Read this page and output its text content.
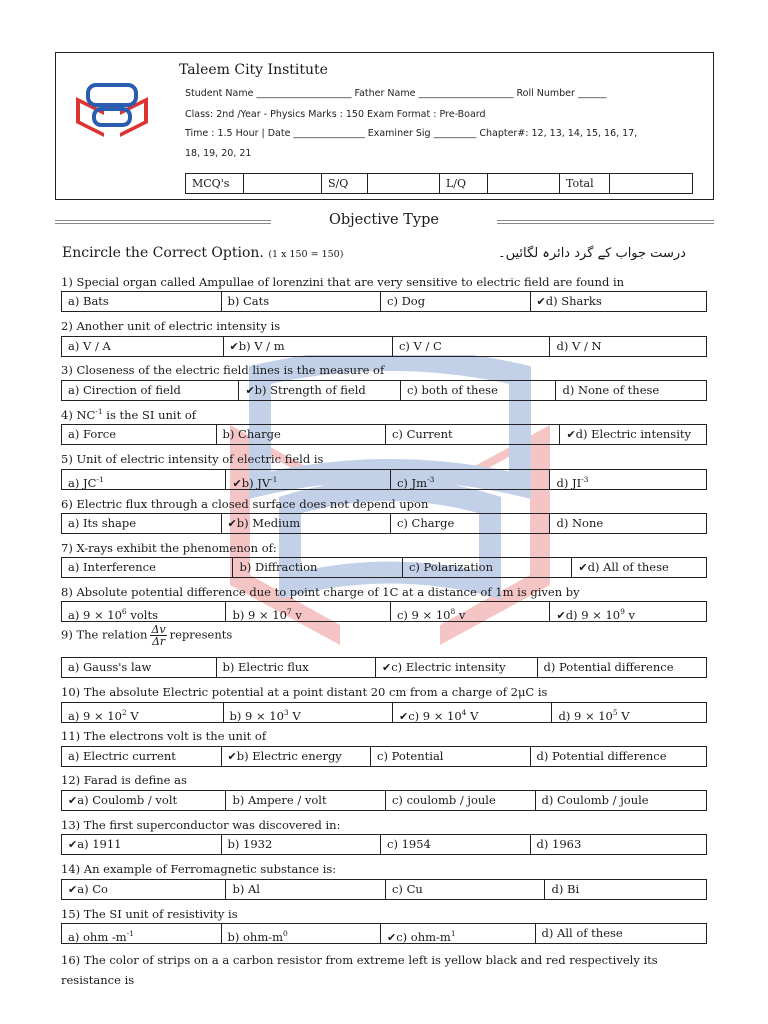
Taleem City Institute
Student Name ____________________ Father Name ____________________ Roll Number ______
Class: 2nd /Year - Physics Marks : 150 Exam Format : Pre-Board
Time : 1.5 Hour | Date _______________ Examiner Sig _________ Chapter#: 12, 13, 14, 15, 16, 17,
18, 19, 20, 21
MCQ's		S/Q		L/Q		Total	
Objective Type
Encircle the Correct Option. (1 x 150 = 150)	درست جواب کے گرد دائرہ لگائیں۔
1) Special organ called Ampullae of lorenzini that are very sensitive to electric field are found in
a) Bats	b) Cats	c) Dog	✔d) Sharks
2) Another unit of electric intensity is
a) V / A	✔b) V / m	c) V / C	d) V / N
3) Closeness of the electric field lines is the measure of
a) Cirection of field	✔b) Strength of field	c) both of these	d) None of these
4) $NC^{-1}$ is the SI unit of
a) Force	b) Charge	c) Current	✔d) Electric intensity
5) Unit of electric intensity of electric field is
a) $JC^{-1}$	✔b) $JV^{-1}$	c) $Jm^{-3}$	d) $JI^{-3}$
6) Electric flux through a closed surface does not depend upon
a) Its shape	✔b) Medium	c) Charge	d) None
7) X-rays exhibit the phenomenon of:
a) Interference	b) Diffraction	c) Polarization	✔d) All of these
8) Absolute potential difference due to point charge of 1C at a distance of 1m is given by
a) $9 \times 10^6$ volts	b) $9 \times 10^7$ v	c) $9 \times 10^8$ v	✔d) $9 \times 10^9$ v
9) The relation $\frac{\Delta v}{\Delta r}$ represents
a) Gauss's law	b) Electric flux	✔c) Electric intensity	d) Potential difference
10) The absolute Electric potential at a point distant 20 cm from a charge of 2μC is
a) $9 \times 10^2$ V	b) $9 \times 10^3$ V	✔c) $9 \times 10^4$ V	d) $9 \times 10^5$ V
11) The electrons volt is the unit of
a) Electric current	✔b) Electric energy	c) Potential	d) Potential difference
12) Farad is define as
✔a) Coulomb / volt	b) Ampere / volt	c) coulomb / joule	d) Coulomb / joule
13) The first superconductor was discovered in:
✔a) 1911	b) 1932	c) 1954	d) 1963
14) An example of Ferromagnetic substance is:
✔a) Co	b) Al	c) Cu	d) Bi
15) The SI unit of resistivity is
a) ohm $-m^{-1}$	b) ohm-$m^0$	✔c) ohm-$m^1$	d) All of these
16) The color of strips on a a carbon resistor from extreme left is yellow black and red respectively its
resistance is
